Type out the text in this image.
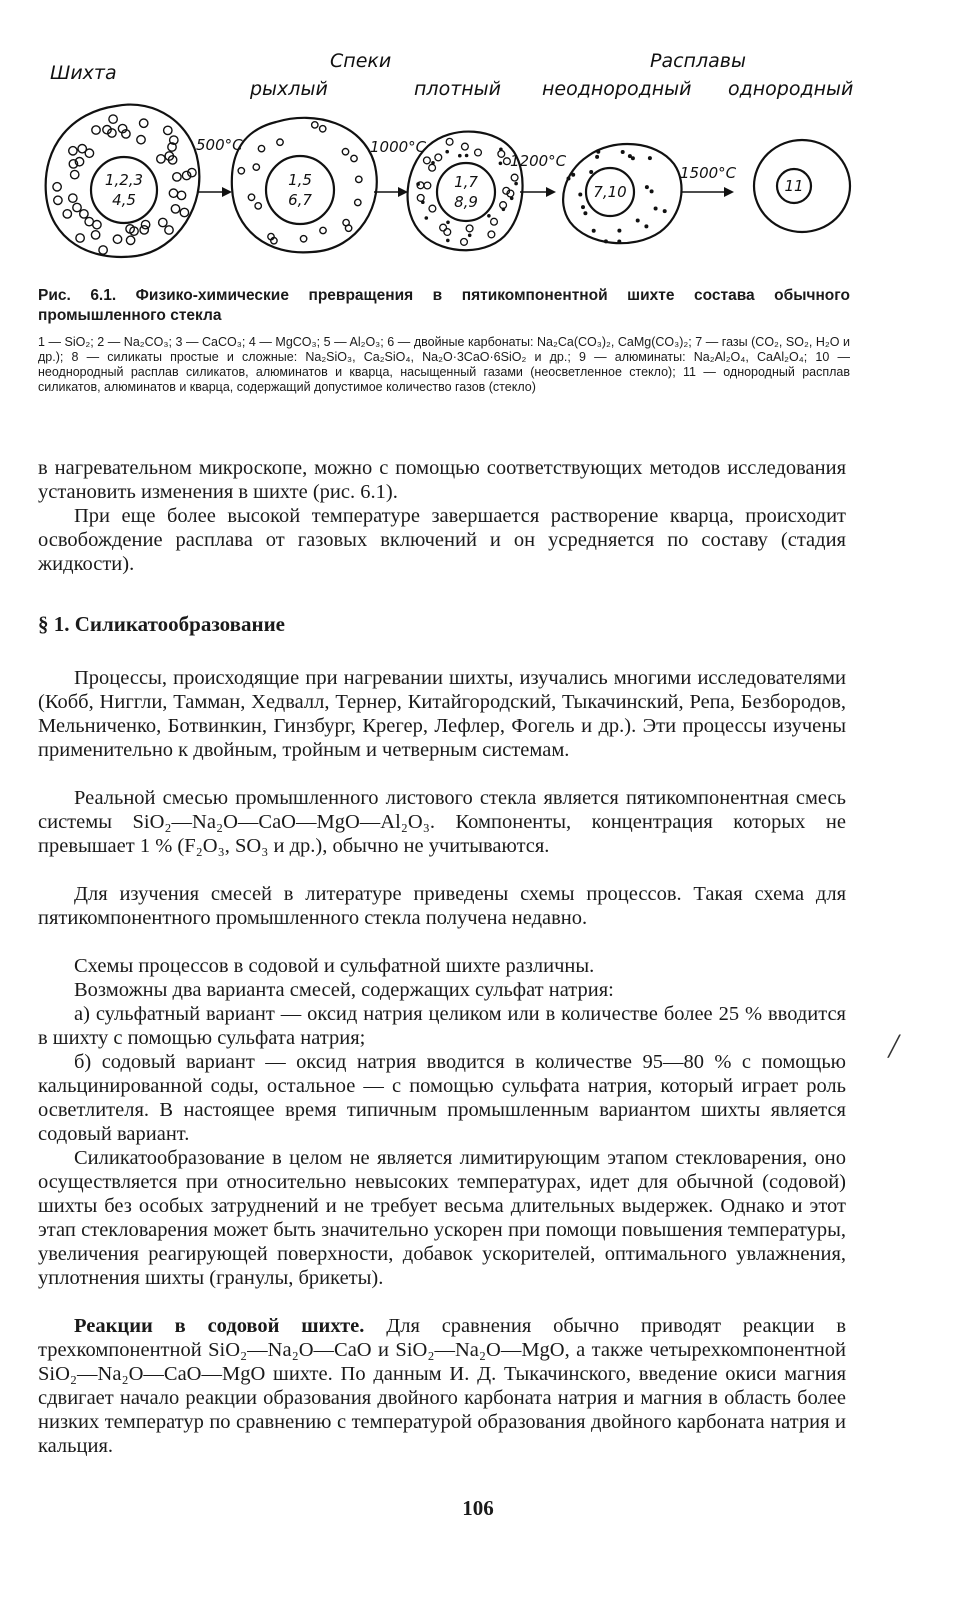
Шихта
Спеки
рыхлый	плотный
Расплавы
неоднородный однородный
500°С	1000°С
1200°С
1500°С
1,2,3
4,5
1,5
6,7
1,7
8,9
7,10	11
Рис. 6.1. Физико-химические превращения в пятикомпонентной шихте состава обычного промышленного стекла
1 — SiO₂; 2 — Na₂CO₃; 3 — CaCO₃; 4 — MgCO₃; 5 — Al₂O₃; 6 — двойные карбонаты: Na₂Ca(CO₃)₂, CaMg(CO₃)₂; 7 — газы (CO₂, SO₂, H₂O и др.); 8 — силикаты простые и сложные: Na₂SiO₃, Ca₂SiO₄, Na₂O·3CaO·6SiO₂ и др.; 9 — алюминаты: Na₂Al₂O₄, CaAl₂O₄; 10 — неоднородный расплав силикатов, алюминатов и кварца, насыщенный газами (неосветленное стекло); 11 — однородный расплав силикатов, алюминатов и кварца, содержащий допустимое количество газов (стекло)
в нагревательном микроскопе, можно с помощью соответствующих методов исследования установить изменения в шихте (рис. 6.1).
При еще более высокой температуре завершается растворение кварца, происходит освобождение расплава от газовых включений и он усредняется по составу (стадия жидкости).
§ 1. Силикатообразование
Процессы, происходящие при нагревании шихты, изучались многими исследователями (Кобб, Ниггли, Тамман, Хедвалл, Тернер, Китайгородский, Тыкачинский, Репа, Безбородов, Мельниченко, Ботвинкин, Гинзбург, Крегер, Лефлер, Фогель и др.). Эти процессы изучены применительно к двойным, тройным и четверным системам.
Реальной смесью промышленного листового стекла является пятикомпонентная смесь системы SiO₂—Na₂O—CaO—MgO—Al₂O₃. Компоненты, концентрация которых не превышает 1 % (F₂O₃, SO₃ и др.), обычно не учитываются.
Для изучения смесей в литературе приведены схемы процессов. Такая схема для пятикомпонентного промышленного стекла получена недавно.
Схемы процессов в содовой и сульфатной шихте различны.
Возможны два варианта смесей, содержащих сульфат натрия:
а) сульфатный вариант — оксид натрия целиком или в количестве более 25 % вводится в шихту с помощью сульфата натрия;
б) содовый вариант — оксид натрия вводится в количестве 95—80 % с помощью кальцинированной соды, остальное — с помощью сульфата натрия, который играет роль осветлителя. В настоящее время типичным промышленным вариантом шихты является содовый вариант.
Силикатообразование в целом не является лимитирующим этапом стекловарения, оно осуществляется при относительно невысоких температурах, идет для обычной (содовой) шихты без особых затруднений и не требует весьма длительных выдержек. Однако и этот этап стекловарения может быть значительно ускорен при помощи повышения температуры, увеличения реагирующей поверхности, добавок ускорителей, оптимального увлажнения, уплотнения шихты (гранулы, брикеты).
Реакции в содовой шихте. Для сравнения обычно приводят реакции в трехкомпонентной SiO₂—Na₂O—CaO и SiO₂—Na₂O—MgO, а также четырехкомпонентной SiO₂—Na₂O—CaO—MgO шихте. По данным И. Д. Тыкачинского, введение окиси магния сдвигает начало реакции образования двойного карбоната натрия и магния в область более низких температур по сравнению с температурой образования двойного карбоната натрия и кальция.
╱
106
